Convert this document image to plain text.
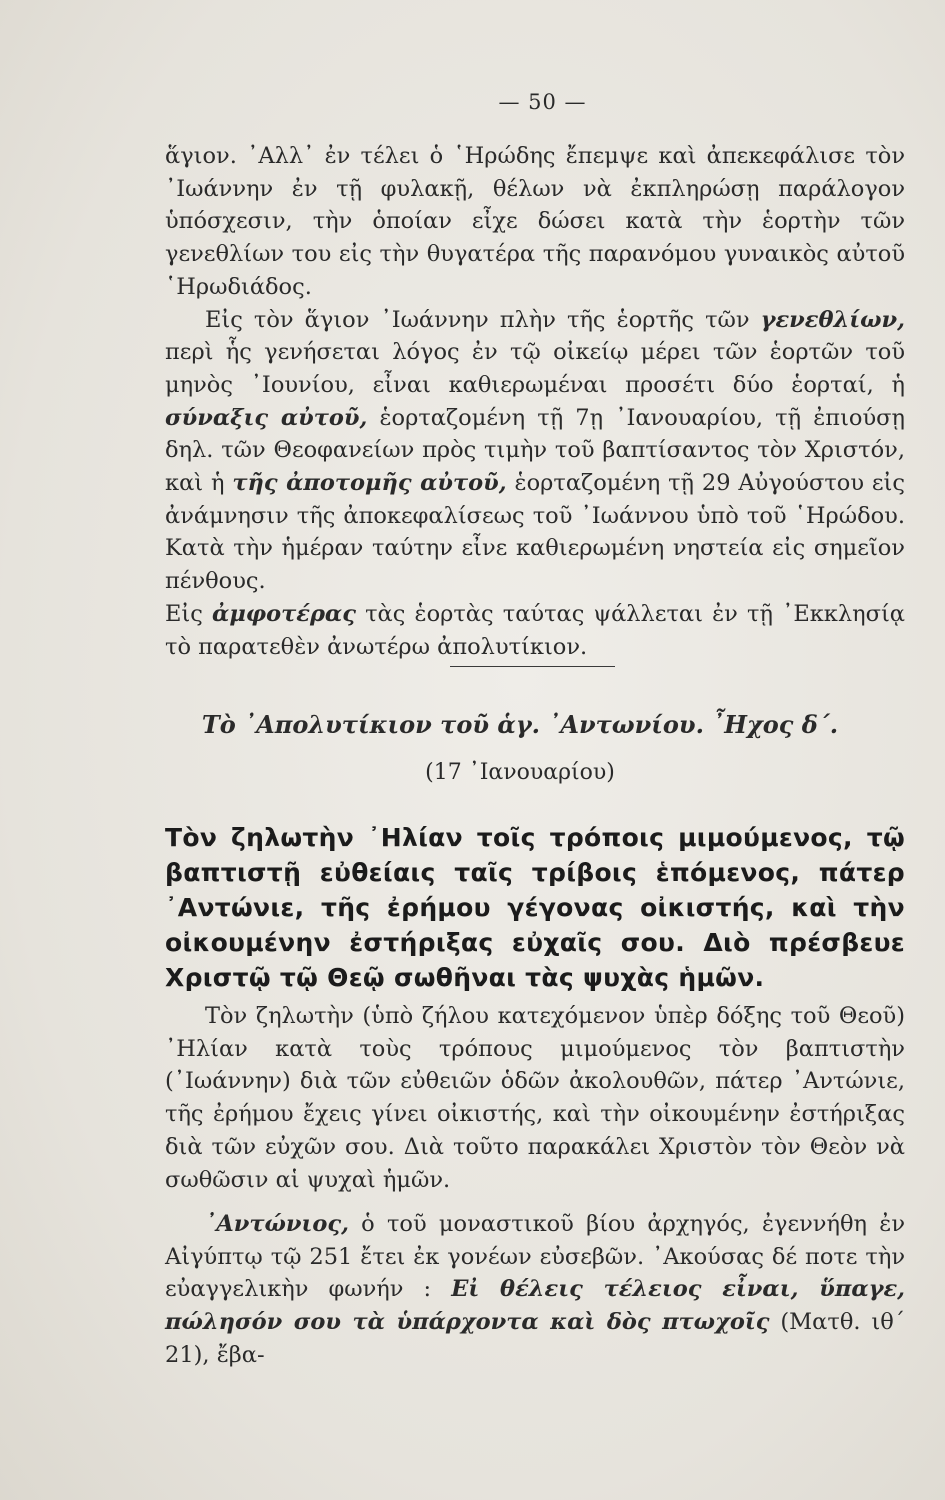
— 50 —

ἅγιον. ᾿Αλλ᾿ ἐν τέλει ὁ ῾Ηρώδης ἔπεμψε καὶ ἀπεκεφάλισε τὸν ᾿Ιωάννην ἐν τῇ φυλακῇ, θέλων νὰ ἐκπληρώσῃ παράλογον ὑπόσχεσιν, τὴν ὁποίαν εἶχε δώσει κατὰ τὴν ἑορτὴν τῶν γενεθλίων του εἰς τὴν θυγατέρα τῆς παρανόμου γυναικὸς αὐτοῦ ῾Ηρωδιάδος.

Εἰς τὸν ἅγιον ᾿Ιωάννην πλὴν τῆς ἑορτῆς τῶν γενεθλίων, περὶ ἧς γενήσεται λόγος ἐν τῷ οἰκείῳ μέρει τῶν ἑορτῶν τοῦ μηνὸς ᾿Ιουνίου, εἶναι καθιερωμέναι προσέτι δύο ἑορταί, ἡ σύναξις αὐτοῦ, ἑορταζομένη τῇ 7ῃ ᾿Ιανουαρίου, τῇ ἐπιούσῃ δηλ. τῶν Θεοφανείων πρὸς τιμὴν τοῦ βαπτίσαντος τὸν Χριστόν, καὶ ἡ τῆς ἀποτομῆς αὐτοῦ, ἑορταζομένη τῇ 29 Αὐγούστου εἰς ἀνάμνησιν τῆς ἀποκεφαλίσεως τοῦ ᾿Ιωάννου ὑπὸ τοῦ ῾Ηρώδου. Κατὰ τὴν ἡμέραν ταύτην εἶνε καθιερωμένη νηστεία εἰς σημεῖον πένθους.

Εἰς ἀμφοτέρας τὰς ἑορτὰς ταύτας ψάλλεται ἐν τῇ ᾿Εκκλησίᾳ τὸ παρατεθὲν ἀνωτέρω ἀπολυτίκιον.

Τὸ ᾿Απολυτίκιον τοῦ ἁγ. ᾿Αντωνίου. ῏Ηχος δ΄.
(17 ᾿Ιανουαρίου)
Τὸν ζηλωτὴν ᾿Ηλίαν τοῖς τρόποις μιμούμενος, τῷ βαπτιστῇ εὐθείαις ταῖς τρίβοις ἑπόμενος, πάτερ ᾿Αντώνιε, τῆς ἐρήμου γέγονας οἰκιστής, καὶ τὴν οἰκουμένην ἐστήριξας εὐχαῖς σου. Διὸ πρέσβευε Χριστῷ τῷ Θεῷ σωθῆναι τὰς ψυχὰς ἡμῶν.

Τὸν ζηλωτὴν (ὑπὸ ζήλου κατεχόμενον ὑπὲρ δόξης τοῦ Θεοῦ) ᾿Ηλίαν κατὰ τοὺς τρόπους μιμούμενος τὸν βαπτιστὴν (᾿Ιωάννην) διὰ τῶν εὐθειῶν ὁδῶν ἀκολουθῶν, πάτερ ᾿Αντώνιε, τῆς ἐρήμου ἔχεις γίνει οἰκιστής, καὶ τὴν οἰκουμένην ἐστήριξας διὰ τῶν εὐχῶν σου. Διὰ τοῦτο παρακάλει Χριστὸν τὸν Θεὸν νὰ σωθῶσιν αἱ ψυχαὶ ἡμῶν.

᾿Αντώνιος, ὁ τοῦ μοναστικοῦ βίου ἀρχηγός, ἐγεννήθη ἐν Αἰγύπτῳ τῷ 251 ἔτει ἐκ γονέων εὐσεβῶν. ᾿Ακούσας δέ ποτε τὴν εὐαγγελικὴν φωνήν : Εἰ θέλεις τέλειος εἶναι, ὕπαγε, πώλησόν σου τὰ ὑπάρχοντα καὶ δὸς πτωχοῖς (Ματθ. ιθ΄ 21), ἔβα-
